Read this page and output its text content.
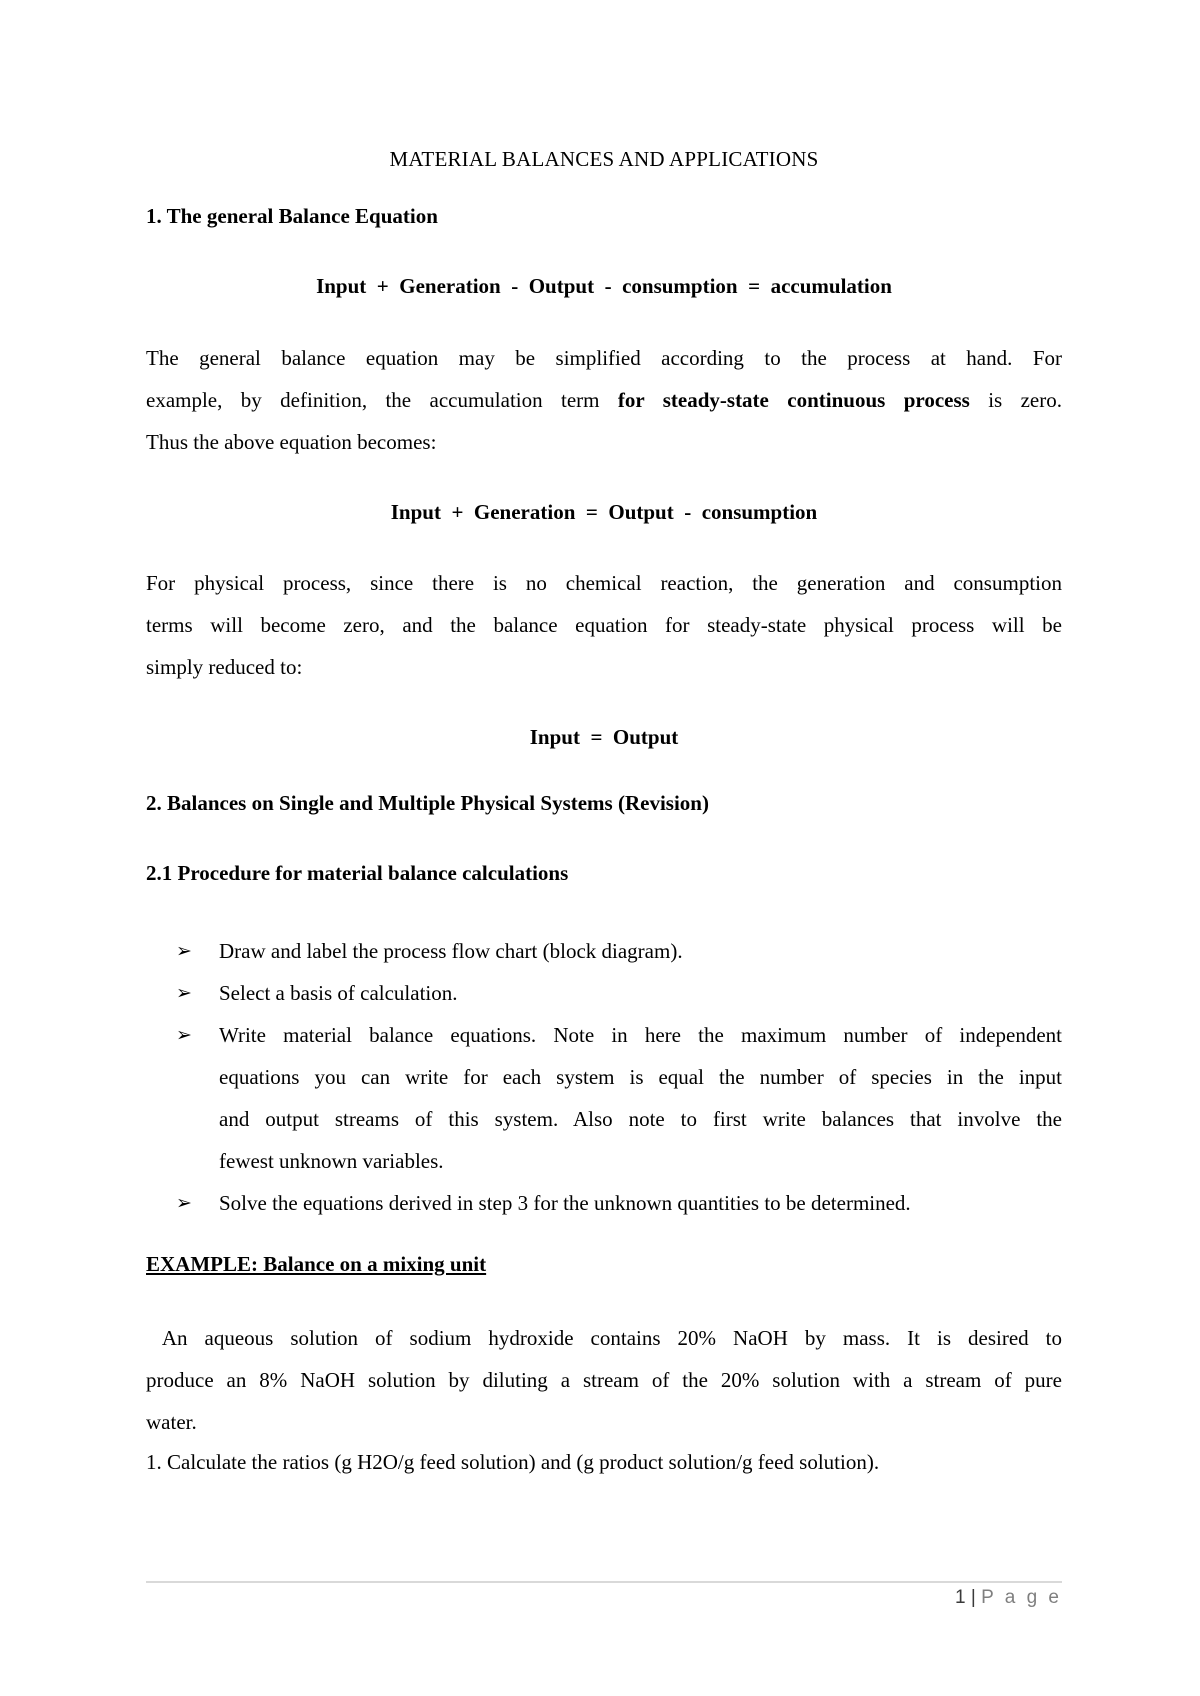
MATERIAL BALANCES AND APPLICATIONS
1. The general Balance Equation
Input  +  Generation  -  Output  -  consumption  =  accumulation
The general balance equation may be simplified according to the process at hand. For
example, by definition, the accumulation term for steady-state continuous process is zero.
Thus the above equation becomes:
Input  +  Generation  =  Output  -  consumption
For physical process, since there is no chemical reaction, the generation and consumption
terms will become zero, and the balance equation for steady-state physical process will be
simply reduced to:
Input  =  Output
2. Balances on Single and Multiple Physical Systems (Revision)
2.1 Procedure for material balance calculations
➢ Draw and label the process flow chart (block diagram).
➢ Select a basis of calculation.
➢ Write material balance equations. Note in here the maximum number of independent
equations you can write for each system is equal the number of species in the input
and output streams of this system. Also note to first write balances that involve the
fewest unknown variables.
➢ Solve the equations derived in step 3 for the unknown quantities to be determined.
EXAMPLE: Balance on a mixing unit
An aqueous solution of sodium hydroxide contains 20% NaOH by mass. It is desired to
produce an 8% NaOH solution by diluting a stream of the 20% solution with a stream of pure
water.
1. Calculate the ratios (g H2O/g feed solution) and (g product solution/g feed solution).
1 | P a g e
